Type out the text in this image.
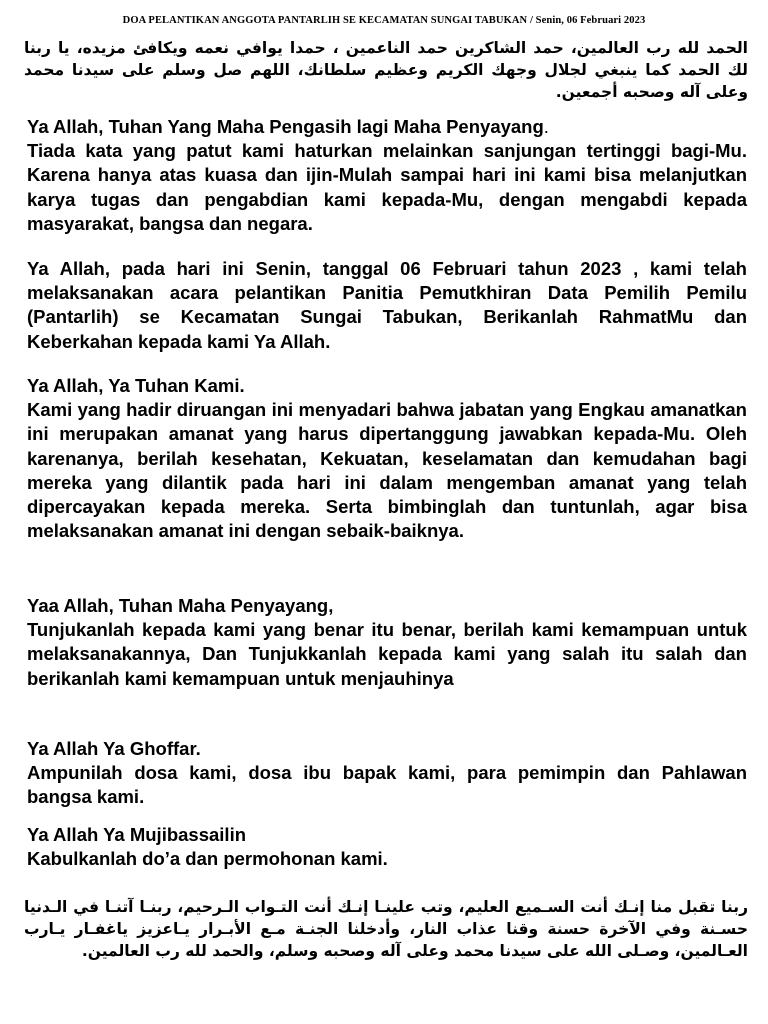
DOA PELANTIKAN ANGGOTA PANTARLIH SE KECAMATAN SUNGAI TABUKAN / Senin, 06 Februari 2023
الحمد لله رب العالمين، حمد الشاكرين حمد الناعمين ، حمدا يوافي نعمه ويكافئ مزيده، يا ربنا لك الحمد كما ينبغي لجلال وجهك الكريم وعظيم سلطانك، اللهم صل وسلم على سيدنا محمد وعلى آله وصحبه أجمعين.

Ya Allah, Tuhan Yang Maha Pengasih lagi Maha Penyayang.

Tiada kata yang patut kami haturkan melainkan sanjungan tertinggi bagi-Mu. Karena hanya atas kuasa dan ijin-Mulah sampai hari ini kami bisa melanjutkan karya tugas dan pengabdian kami kepada-Mu, dengan mengabdi kepada masyarakat, bangsa dan negara.

Ya Allah, pada hari ini Senin, tanggal 06 Februari tahun 2023 , kami telah melaksanakan acara pelantikan Panitia Pemutkhiran Data Pemilih Pemilu (Pantarlih) se Kecamatan Sungai Tabukan, Berikanlah RahmatMu dan Keberkahan kepada kami Ya Allah.

Ya Allah, Ya Tuhan Kami.

Kami yang hadir diruangan ini menyadari bahwa jabatan yang Engkau amanatkan ini merupakan amanat yang harus dipertanggung jawabkan kepada-Mu. Oleh karenanya, berilah kesehatan, Kekuatan, keselamatan dan kemudahan bagi mereka yang dilantik pada hari ini dalam mengemban amanat yang telah dipercayakan kepada mereka. Serta bimbinglah dan tuntunlah, agar bisa melaksanakan amanat ini dengan sebaik-baiknya.

Yaa Allah, Tuhan Maha Penyayang,

Tunjukanlah kepada kami yang benar itu benar, berilah kami kemampuan untuk melaksanakannya, Dan Tunjukkanlah kepada kami yang salah itu salah dan berikanlah kami kemampuan untuk menjauhinya

Ya Allah Ya Ghoffar.

Ampunilah dosa kami, dosa ibu bapak kami, para pemimpin dan Pahlawan bangsa kami.

Ya Allah Ya Mujibassailin

Kabulkanlah do’a dan permohonan kami.

ربنا تقبل منا إنـك أنت السـميع العليم، وتب علينـا إنـك أنت التـواب الـرحيم، ربنـا آتنـا في الـدنيا حسـنة وفي الآخرة حسنة وقنا عذاب النار، وأدخلنا الجنـة مـع الأبـرار يـاعزيز ياغفـار يـارب العـالمين، وصـلى الله على سيدنا محمد وعلى آله وصحبه وسلم، والحمد لله رب العالمين.
